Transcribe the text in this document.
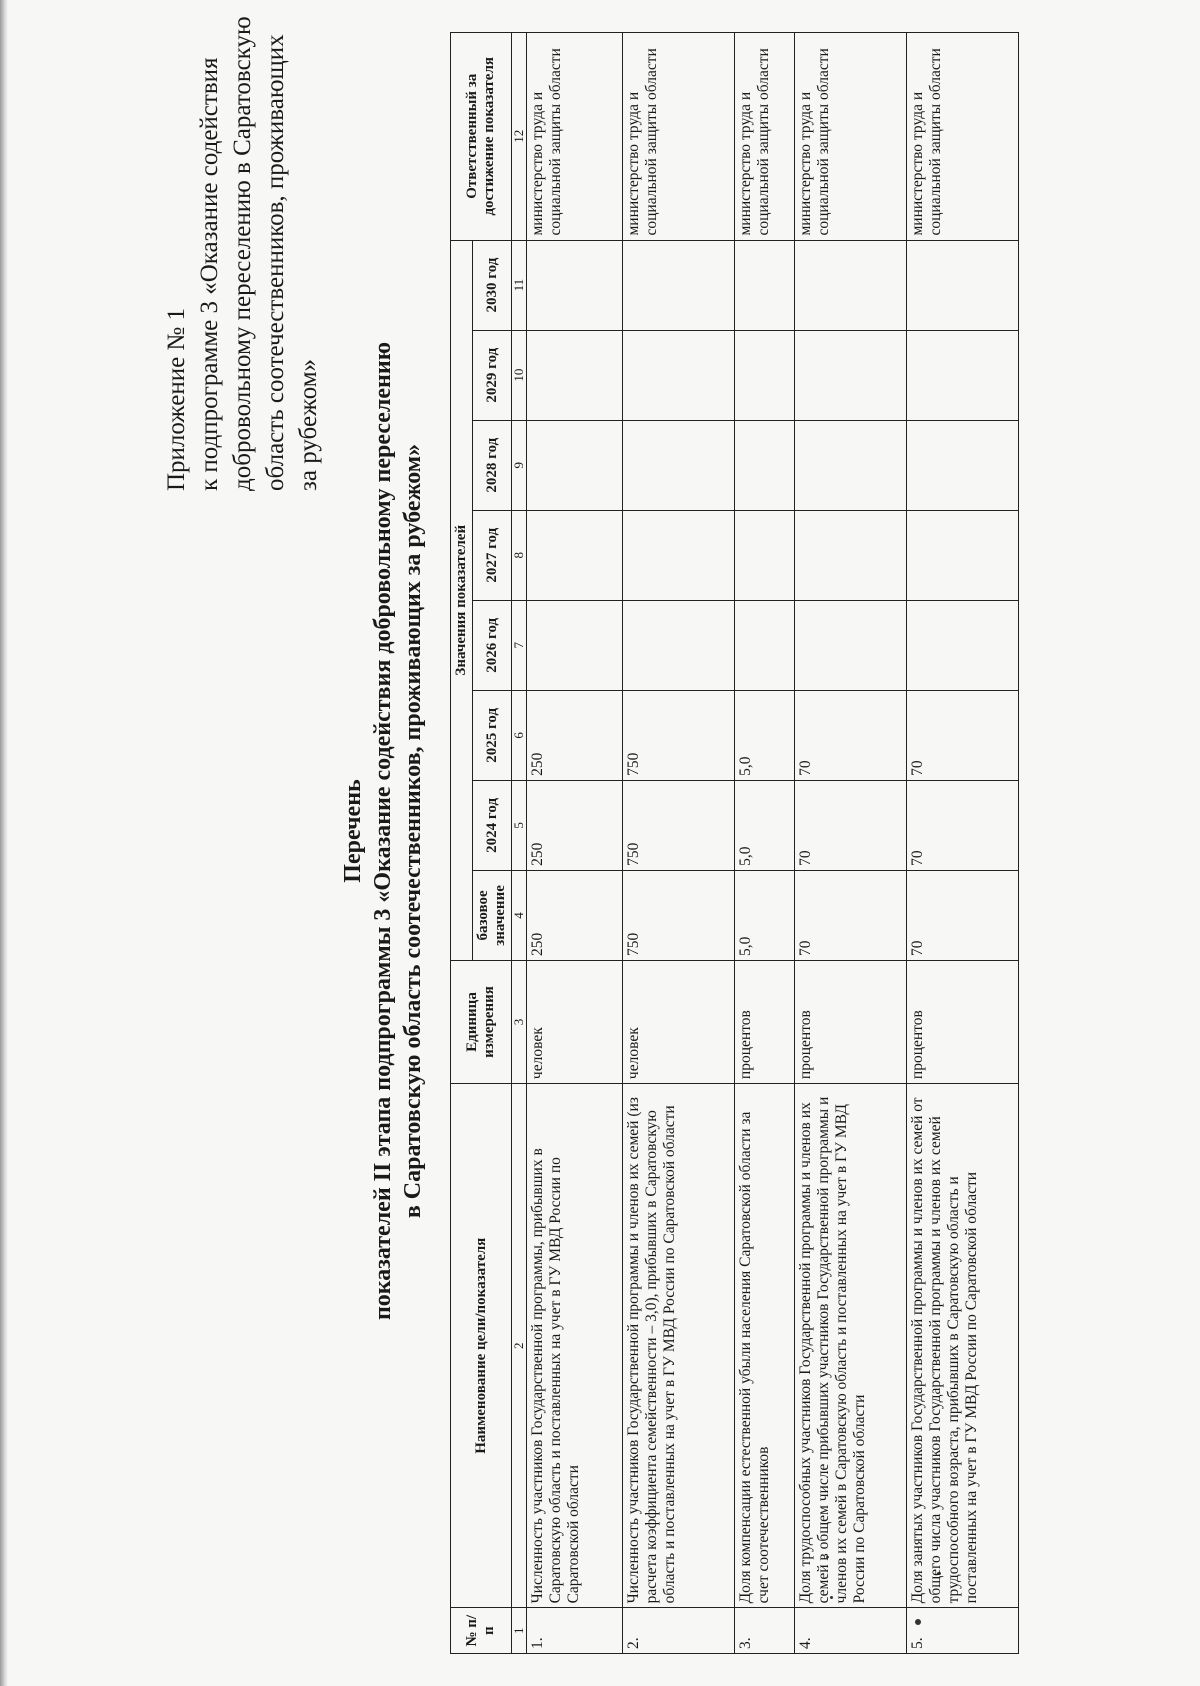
Приложение № 1 к подпрограмме 3 «Оказание содействия добровольному переселению в Саратовскую область соотечественников, проживающих за рубежом»
Перечень показателей II этапа подпрограммы 3 «Оказание содействия добровольному переселению в Саратовскую область соотечественников, проживающих за рубежом»
№ п/п	Наименование цели/показателя	Единица измерения	Значения показателей								Ответственный за достижение показателя
			базовое значение	2024 год	2025 год	2026 год	2027 год	2028 год	2029 год	2030 год	
1	2	3	4	5	6	7	8	9	10	11	12
1.	Численность участников Государственной программы, прибывших в Саратовскую область и поставленных на учет в ГУ МВД России по Саратовской области	человек	250	250	250						министерство труда и социальной защиты области
2.	Численность участников Государственной программы и членов их семей (из расчета коэффициента семейственности – 3,0), прибывших в Саратовскую область и поставленных на учет в ГУ МВД России по Саратовской области	человек	750	750	750						министерство труда и социальной защиты области
3.	Доля компенсации естественной убыли населения Саратовской области за счет соотечественников	процентов	5,0	5,0	5,0						министерство труда и социальной защиты области
4.	Доля трудоспособных участников Государственной программы и членов их семей в общем числе прибывших участников Государственной программы и членов их семей в Саратовскую область и поставленных на учет в ГУ МВД России по Саратовской области	процентов	70	70	70						министерство труда и социальной защиты области
5.	Доля занятых участников Государственной программы и членов их семей от общего числа участников Государственной программы и членов их семей трудоспособного возраста, прибывших в Саратовскую область и поставленных на учет в ГУ МВД России по Саратовской области	процентов	70	70	70						министерство труда и социальной защиты области
